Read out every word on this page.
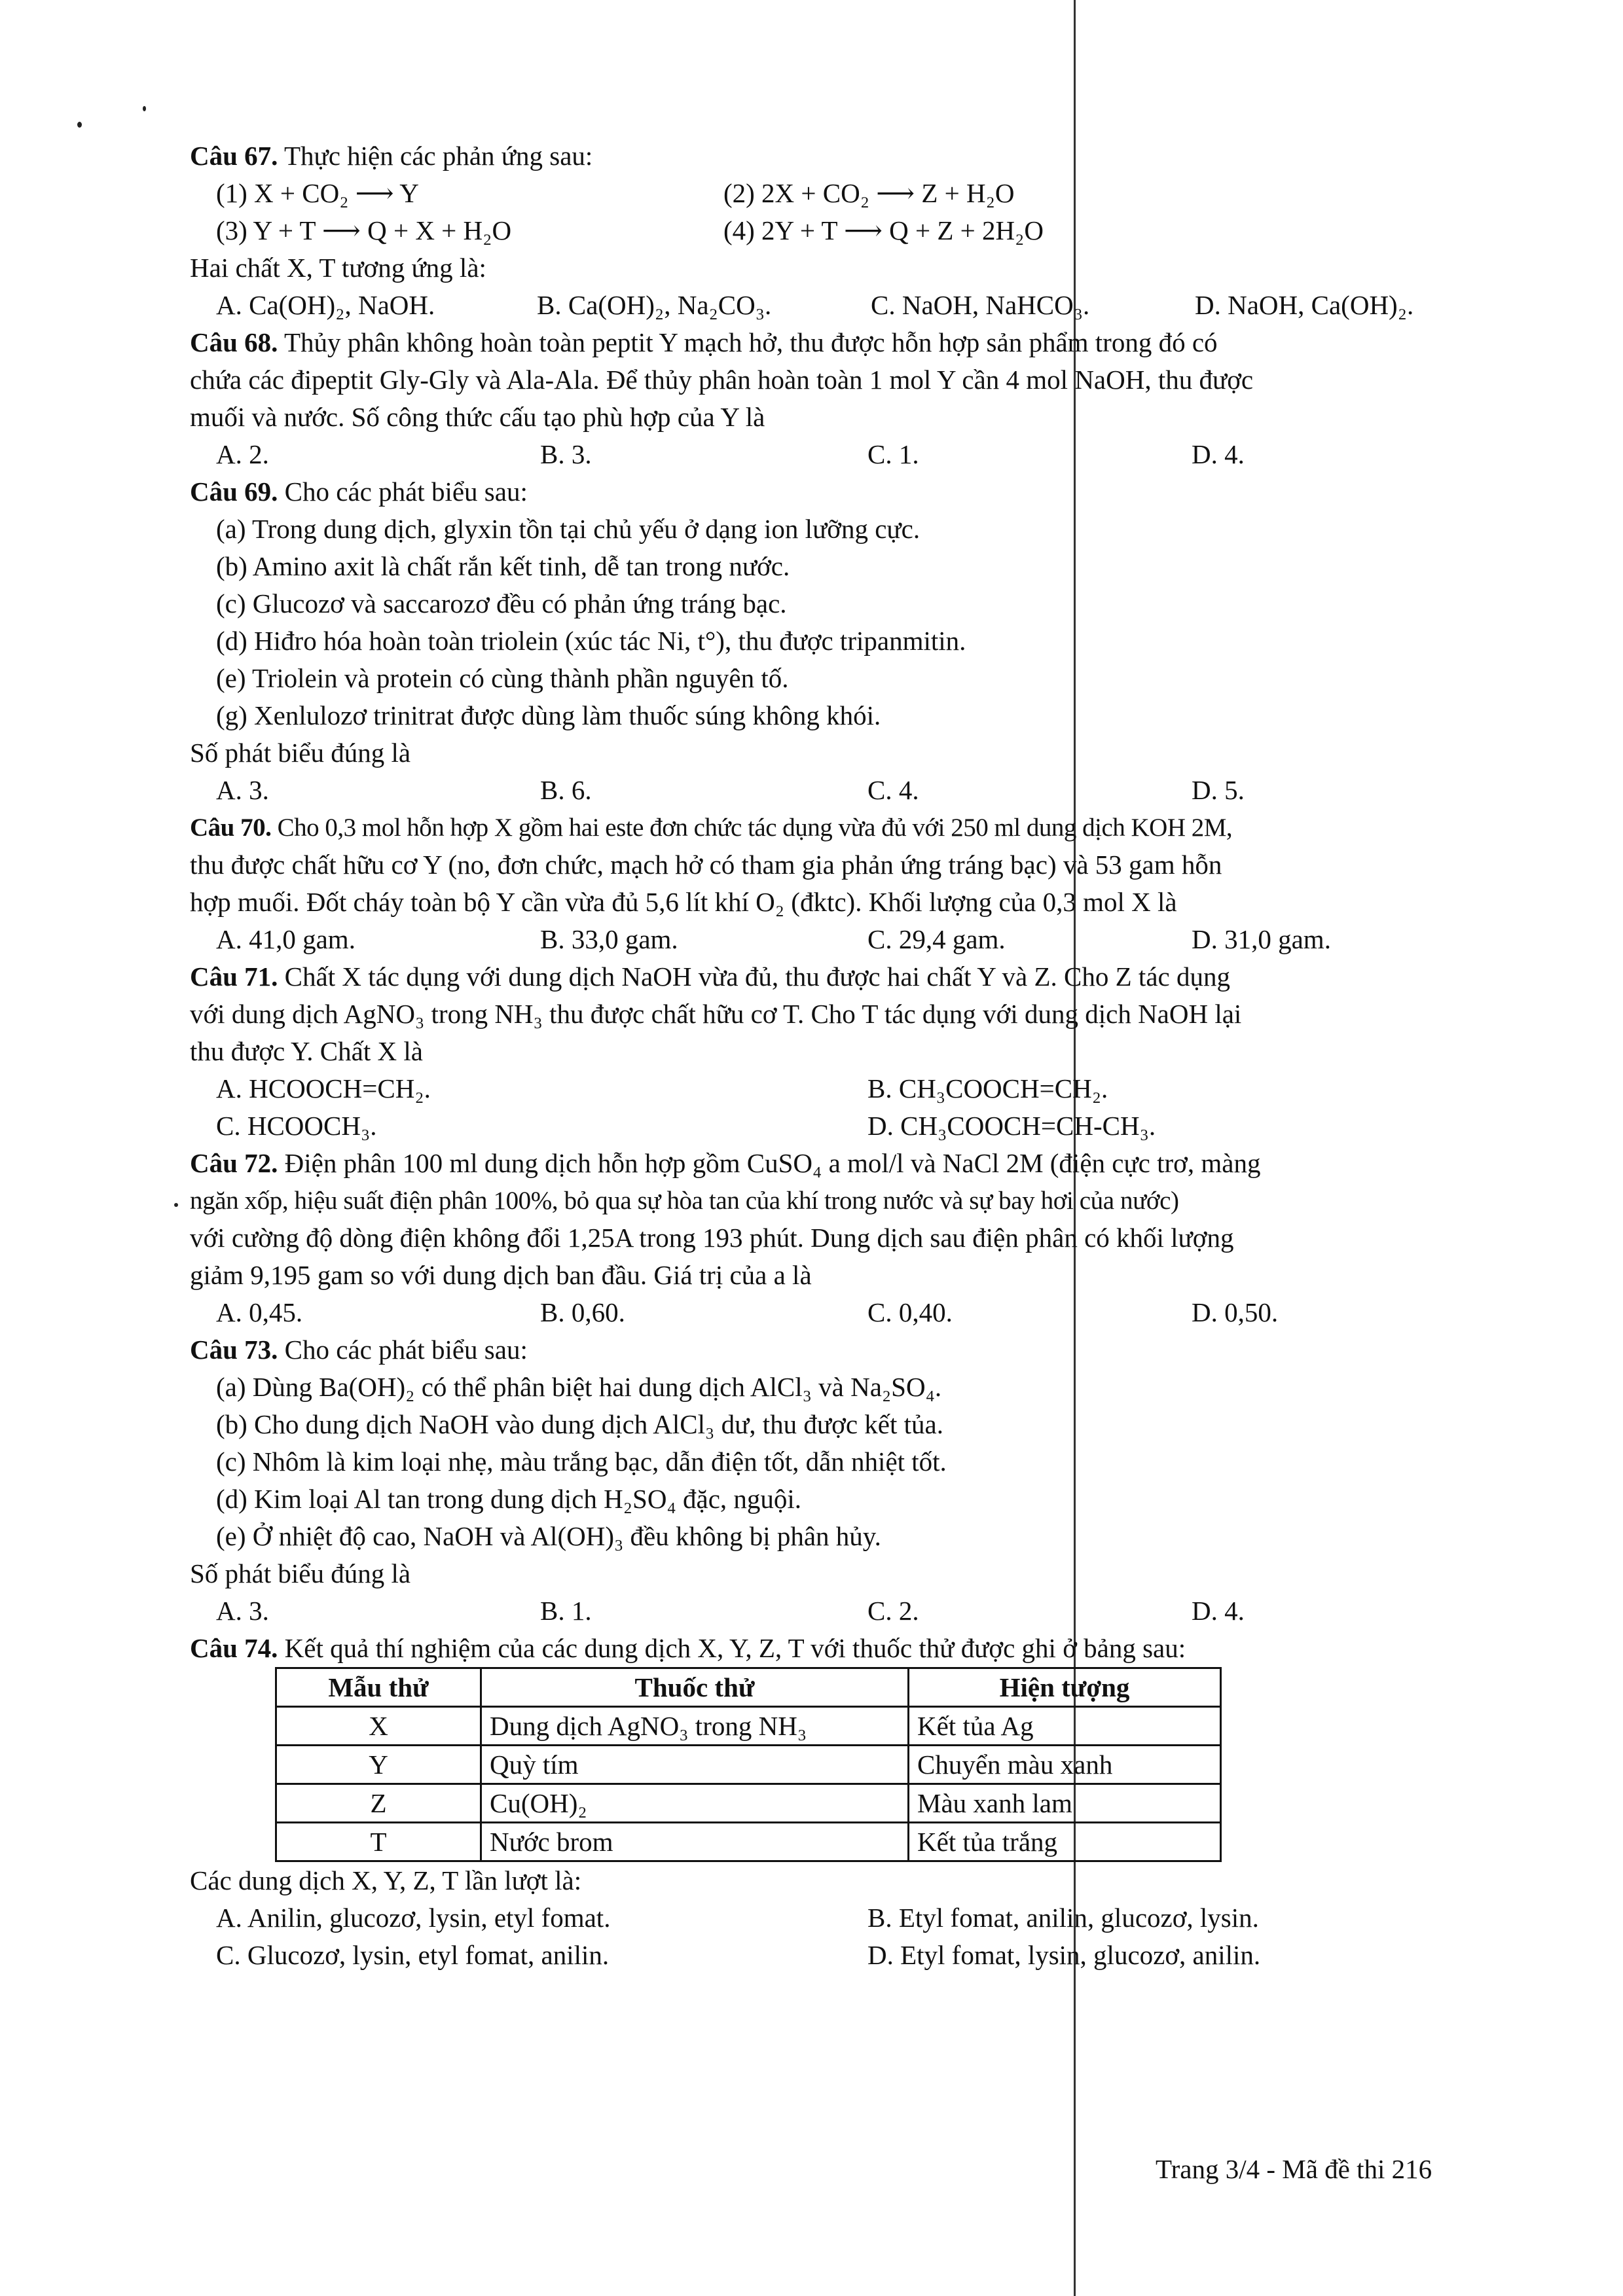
Câu 67. Thực hiện các phản ứng sau:
(1) X + CO₂ ⟶ Y	(2) 2X + CO₂ ⟶ Z + H₂O
(3) Y + T ⟶ Q + X + H₂O	(4) 2Y + T ⟶ Q + Z + 2H₂O
Hai chất X, T tương ứng là:
A. Ca(OH)₂, NaOH.	B. Ca(OH)₂, Na₂CO₃.	C. NaOH, NaHCO₃.	D. NaOH, Ca(OH)₂.
Câu 68. Thủy phân không hoàn toàn peptit Y mạch hở, thu được hỗn hợp sản phẩm trong đó có
chứa các đipeptit Gly-Gly và Ala-Ala. Để thủy phân hoàn toàn 1 mol Y cần 4 mol NaOH, thu được
muối và nước. Số công thức cấu tạo phù hợp của Y là
A. 2.	B. 3.	C. 1.	D. 4.
Câu 69. Cho các phát biểu sau:
(a) Trong dung dịch, glyxin tồn tại chủ yếu ở dạng ion lưỡng cực.
(b) Amino axit là chất rắn kết tinh, dễ tan trong nước.
(c) Glucozơ và saccarozơ đều có phản ứng tráng bạc.
(d) Hiđro hóa hoàn toàn triolein (xúc tác Ni, t°), thu được tripanmitin.
(e) Triolein và protein có cùng thành phần nguyên tố.
(g) Xenlulozơ trinitrat được dùng làm thuốc súng không khói.
Số phát biểu đúng là
A. 3.	B. 6.	C. 4.	D. 5.
Câu 70. Cho 0,3 mol hỗn hợp X gồm hai este đơn chức tác dụng vừa đủ với 250 ml dung dịch KOH 2M,
thu được chất hữu cơ Y (no, đơn chức, mạch hở có tham gia phản ứng tráng bạc) và 53 gam hỗn
hợp muối. Đốt cháy toàn bộ Y cần vừa đủ 5,6 lít khí O₂ (đktc). Khối lượng của 0,3 mol X là
A. 41,0 gam.	B. 33,0 gam.	C. 29,4 gam.	D. 31,0 gam.
Câu 71. Chất X tác dụng với dung dịch NaOH vừa đủ, thu được hai chất Y và Z. Cho Z tác dụng
với dung dịch AgNO₃ trong NH₃ thu được chất hữu cơ T. Cho T tác dụng với dung dịch NaOH lại
thu được Y. Chất X là
A. HCOOCH=CH₂.	B. CH₃COOCH=CH₂.
C. HCOOCH₃.	D. CH₃COOCH=CH-CH₃.
Câu 72. Điện phân 100 ml dung dịch hỗn hợp gồm CuSO₄ a mol/l và NaCl 2M (điện cực trơ, màng
ngăn xốp, hiệu suất điện phân 100%, bỏ qua sự hòa tan của khí trong nước và sự bay hơi của nước)
với cường độ dòng điện không đổi 1,25A trong 193 phút. Dung dịch sau điện phân có khối lượng
giảm 9,195 gam so với dung dịch ban đầu. Giá trị của a là
A. 0,45.	B. 0,60.	C. 0,40.	D. 0,50.
Câu 73. Cho các phát biểu sau:
(a) Dùng Ba(OH)₂ có thể phân biệt hai dung dịch AlCl₃ và Na₂SO₄.
(b) Cho dung dịch NaOH vào dung dịch AlCl₃ dư, thu được kết tủa.
(c) Nhôm là kim loại nhẹ, màu trắng bạc, dẫn điện tốt, dẫn nhiệt tốt.
(d) Kim loại Al tan trong dung dịch H₂SO₄ đặc, nguội.
(e) Ở nhiệt độ cao, NaOH và Al(OH)₃ đều không bị phân hủy.
Số phát biểu đúng là
A. 3.	B. 1.	C. 2.	D. 4.
Câu 74. Kết quả thí nghiệm của các dung dịch X, Y, Z, T với thuốc thử được ghi ở bảng sau:
Mẫu thử	Thuốc thử	Hiện tượng
X	Dung dịch AgNO₃ trong NH₃	Kết tủa Ag
Y	Quỳ tím	Chuyển màu xanh
Z	Cu(OH)₂	Màu xanh lam
T	Nước brom	Kết tủa trắng
Các dung dịch X, Y, Z, T lần lượt là:
A. Anilin, glucozơ, lysin, etyl fomat.	B. Etyl fomat, anilin, glucozơ, lysin.
C. Glucozơ, lysin, etyl fomat, anilin.	D. Etyl fomat, lysin, glucozơ, anilin.
Trang 3/4 - Mã đề thi 216
